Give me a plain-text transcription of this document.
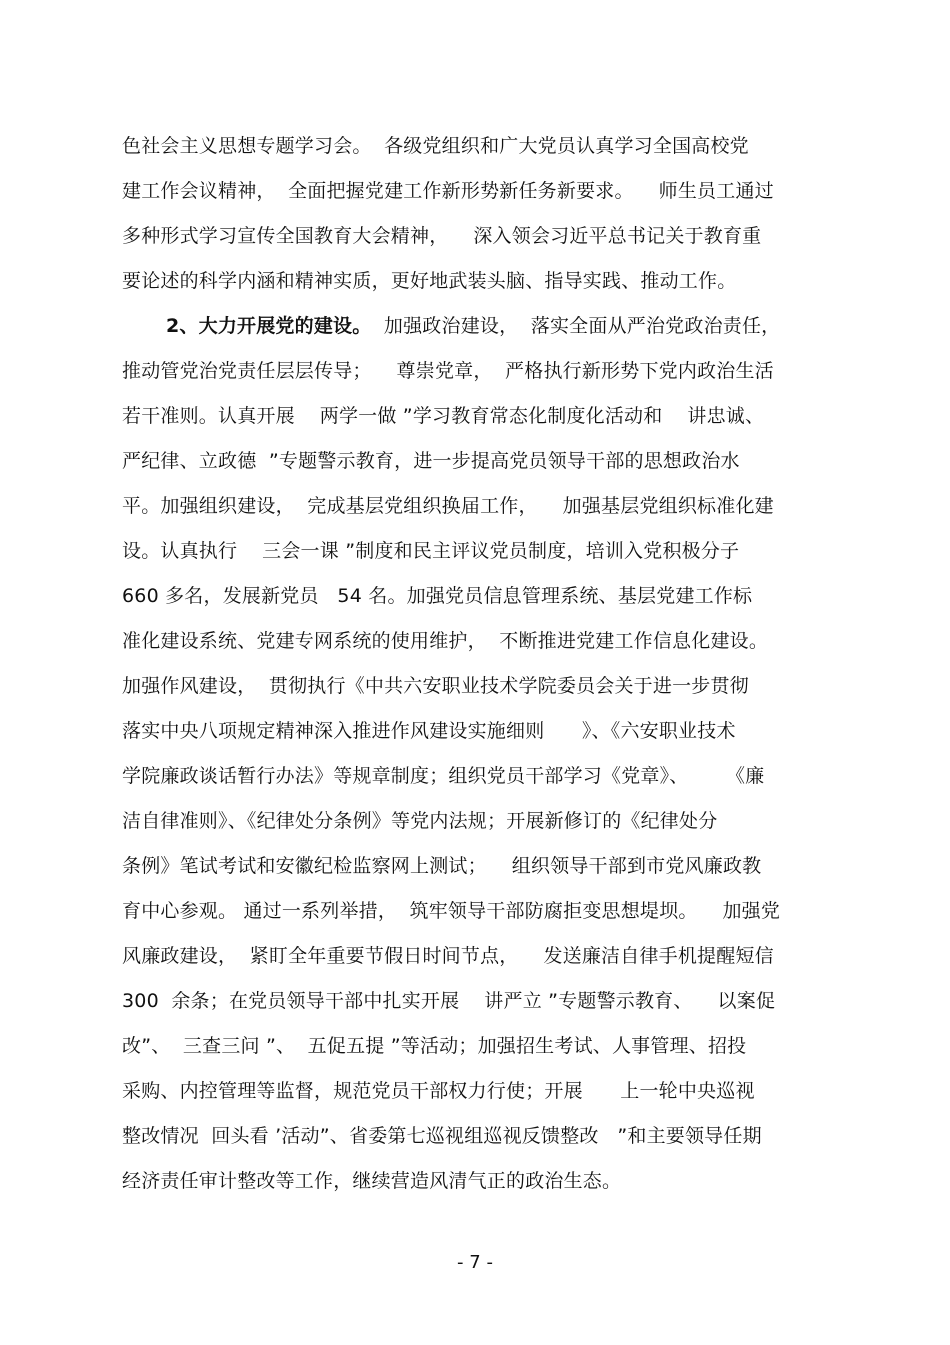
色社会主义思想专题学习会。  各级党组织和广大党员认真学习全国高校党
建工作会议精神，  全面把握党建工作新形势新任务新要求。    师生员工通过
多种形式学习宣传全国教育大会精神，    深入领会习近平总书记关于教育重
要论述的科学内涵和精神实质，更好地武装头脑、指导实践、推动工作。
2、大力开展党的建设。  加强政治建设，  落实全面从严治党政治责任，
推动管党治党责任层层传导；    尊崇党章，  严格执行新形势下党内政治生活
若干准则。认真开展    两学一做 ”学习教育常态化制度化活动和    讲忠诚、
严纪律、立政德  ”专题警示教育，进一步提高党员领导干部的思想政治水
平。加强组织建设，  完成基层党组织换届工作，    加强基层党组织标准化建
设。认真执行    三会一课 ”制度和民主评议党员制度，培训入党积极分子
660 多名，发展新党员   54 名。加强党员信息管理系统、基层党建工作标
准化建设系统、党建专网系统的使用维护，  不断推进党建工作信息化建设。
加强作风建设，  贯彻执行《中共六安职业技术学院委员会关于进一步贯彻
落实中央八项规定精神深入推进作风建设实施细则      》、《六安职业技术
学院廉政谈话暂行办法》等规章制度；组织党员干部学习《党章》、      《廉
洁自律准则》、《纪律处分条例》等党内法规；开展新修订的《纪律处分
条例》笔试考试和安徽纪检监察网上测试；    组织领导干部到市党风廉政教
育中心参观。 通过一系列举措，  筑牢领导干部防腐拒变思想堤坝。    加强党
风廉政建设，  紧盯全年重要节假日时间节点，    发送廉洁自律手机提醒短信
300  余条；在党员领导干部中扎实开展    讲严立 ”专题警示教育、    以案促
改”、  三查三问 ”、  五促五提 ”等活动；加强招生考试、人事管理、招投
采购、内控管理等监督，规范党员干部权力行使；开展      上一轮中央巡视
整改情况  回头看 ’活动”、省委第七巡视组巡视反馈整改   ”和主要领导任期
经济责任审计整改等工作，继续营造风清气正的政治生态。
- 7 -
